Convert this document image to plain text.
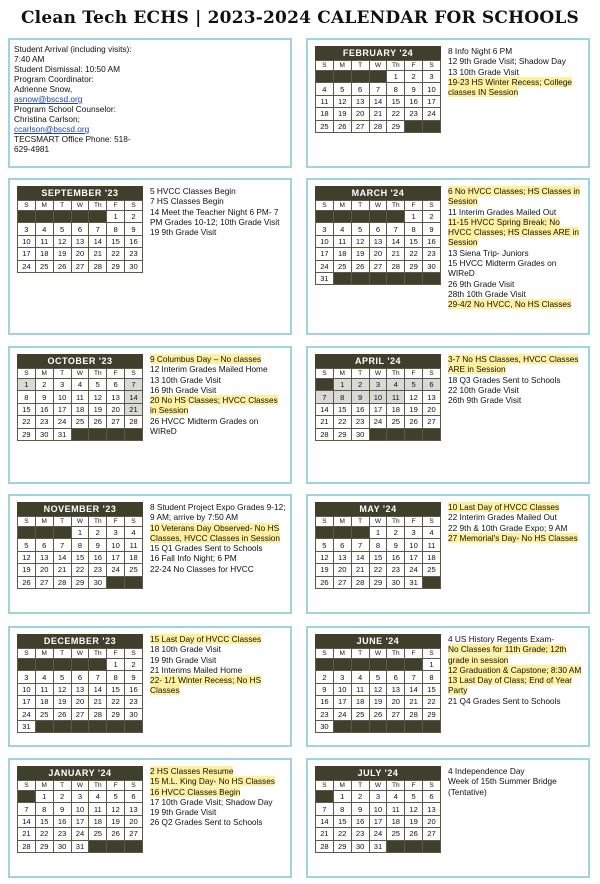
Clean Tech ECHS | 2023-2024 CALENDAR FOR SCHOOLS
Student Arrival (including visits):
7:40 AM
Student Dismissal: 10:50 AM
Program Coordinator:
Adrienne Snow,
asnow@bscsd.org
Program School Counselor:
Christina Carlson;
ccarlson@bscsd.org
TECSMART Office Phone: 518-
629-4981
SEPTEMBER '23
S	M	T	W	Th	F	S
					1	2
3	4	5	6	7	8	9
10	11	12	13	14	15	16
17	18	19	20	21	22	23
24	25	26	27	28	29	30
5 HVCC Classes Begin
7 HS Classes Begin
14 Meet the Teacher Night 6 PM- 7 PM Grades 10-12; 10th Grade Visit
19 9th Grade Visit
OCTOBER '23
S	M	T	W	Th	F	S
1	2	3	4	5	6	7
8	9	10	11	12	13	14
15	16	17	18	19	20	21
22	23	24	25	26	27	28
29	30	31				
9 Columbus Day – No classes
12 Interim Grades Mailed Home
13 10th Grade Visit
16 9th Grade Visit
20 No HS Classes; HVCC Classes in Session
26 HVCC Midterm Grades on WIReD
NOVEMBER '23
S	M	T	W	Th	F	S
			1	2	3	4
5	6	7	8	9	10	11
12	13	14	15	16	17	18
19	20	21	22	23	24	25
26	27	28	29	30		
8 Student Project Expo Grades 9-12; 9 AM; arrive by 7:50 AM
10 Veterans Day Observed- No HS Classes, HVCC Classes in Session
15 Q1 Grades Sent to Schools
16 Fall Info Night; 6 PM
22-24 No Classes for HVCC
DECEMBER '23
S	M	T	W	Th	F	S
					1	2
3	4	5	6	7	8	9
10	11	12	13	14	15	16
17	18	19	20	21	22	23
24	25	26	27	28	29	30
31						
15 Last Day of HVCC Classes
18 10th Grade Visit
19 9th Grade Visit
21 Interims Mailed Home
22- 1/1 Winter Recess; No HS Classes
JANUARY '24
S	M	T	W	Th	F	S
	1	2	3	4	5	6
7	8	9	10	11	12	13
14	15	16	17	18	19	20
21	22	23	24	25	26	27
28	29	30	31			
2 HS Classes Resume
15 M.L. King Day- No HS Classes
16 HVCC Classes Begin
17 10th Grade Visit; Shadow Day
19 9th Grade Visit
26 Q2 Grades Sent to Schools
FEBRUARY '24
S	M	T	W	Th	F	S
				1	2	3
4	5	6	7	8	9	10
11	12	13	14	15	16	17
18	19	20	21	22	23	24
25	26	27	28	29		
8 Info Night 6 PM
12 9th Grade Visit; Shadow Day
13 10th Grade Visit
19-23 HS Winter Recess; College classes IN Session
MARCH '24
S	M	T	W	Th	F	S
					1	2
3	4	5	6	7	8	9
10	11	12	13	14	15	16
17	18	19	20	21	22	23
24	25	26	27	28	29	30
31						
6 No HVCC Classes; HS Classes in Session
11 Interim Grades Mailed Out
11-15 HVCC Spring Break; No HVCC Classes; HS Classes ARE in Session
13 Siena Trip- Juniors
15 HVCC Midterm Grades on WIReD
26 9th Grade Visit
28th 10th Grade Visit
29-4/2 No HVCC, No HS Classes
APRIL '24
S	M	T	W	Th	F	S
	1	2	3	4	5	6
7	8	9	10	11	12	13
14	15	16	17	18	19	20
21	22	23	24	25	26	27
28	29	30				
3-7 No HS Classes, HVCC Classes ARE in Session
18 Q3 Grades Sent to Schools
22 10th Grade Visit
26th 9th Grade Visit
MAY '24
S	M	T	W	Th	F	S
			1	2	3	4
5	6	7	8	9	10	11
12	13	14	15	16	17	18
19	20	21	22	23	24	25
26	27	28	29	30	31	
10 Last Day of HVCC Classes
22 Interim Grades Mailed Out
22 9th & 10th Grade Expo; 9 AM
27 Memorial's Day- No HS Classes
JUNE '24
S	M	T	W	Th	F	S
						1
2	3	4	5	6	7	8
9	10	11	12	13	14	15
16	17	18	19	20	21	22
23	24	25	26	27	28	29
30						
4 US History Regents Exam-
No Classes for 11th Grade; 12th grade in session
12 Graduation & Capstone; 8:30 AM
13 Last Day of Class; End of Year Party
21 Q4 Grades Sent to Schools
JULY '24
S	M	T	W	Th	F	S
	1	2	3	4	5	6
7	8	9	10	11	12	13
14	15	16	17	18	19	20
21	22	23	24	25	26	27
28	29	30	31			
4 Independence Day
Week of 15th Summer Bridge (Tentative)
